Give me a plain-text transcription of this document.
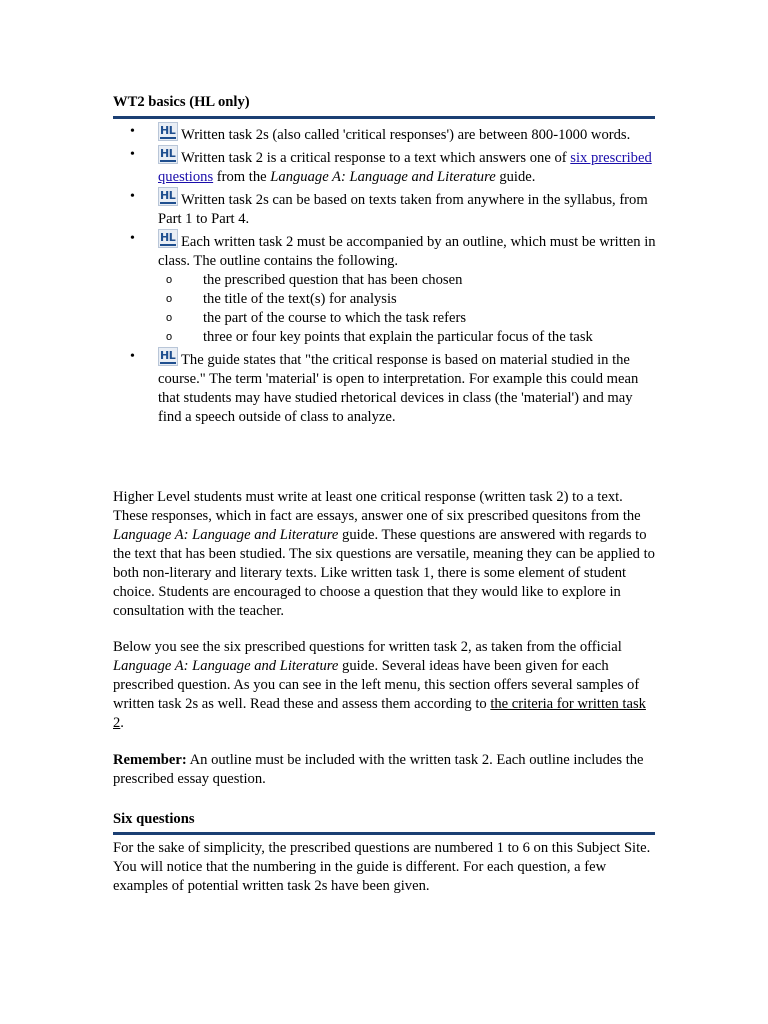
WT2 basics (HL only)
• HL Written task 2s (also called 'critical responses') are between 800-1000 words.
• HL Written task 2 is a critical response to a text which answers one of six prescribed questions from the Language A: Language and Literature guide.
• HL Written task 2s can be based on texts taken from anywhere in the syllabus, from Part 1 to Part 4.
• HL Each written task 2 must be accompanied by an outline, which must be written in class. The outline contains the following.
o the prescribed question that has been chosen
o the title of the text(s) for analysis
o the part of the course to which the task refers
o three or four key points that explain the particular focus of the task
• HL The guide states that "the critical response is based on material studied in the course." The term 'material' is open to interpretation. For example this could mean that students may have studied rhetorical devices in class (the 'material') and may find a speech outside of class to analyze.

Higher Level students must write at least one critical response (written task 2) to a text. These responses, which in fact are essays, answer one of six prescribed quesitons from the Language A: Language and Literature guide. These questions are answered with regards to the text that has been studied. The six questions are versatile, meaning they can be applied to both non-literary and literary texts. Like written task 1, there is some element of student choice. Students are encouraged to choose a question that they would like to explore in consultation with the teacher.

Below you see the six prescribed questions for written task 2, as taken from the official Language A: Language and Literature guide. Several ideas have been given for each prescribed question. As you can see in the left menu, this section offers several samples of written task 2s as well. Read these and assess them according to the criteria for written task 2.

Remember: An outline must be included with the written task 2. Each outline includes the prescribed essay question.

Six questions

For the sake of simplicity, the prescribed questions are numbered 1 to 6 on this Subject Site. You will notice that the numbering in the guide is different. For each question, a few examples of potential written task 2s have been given.
